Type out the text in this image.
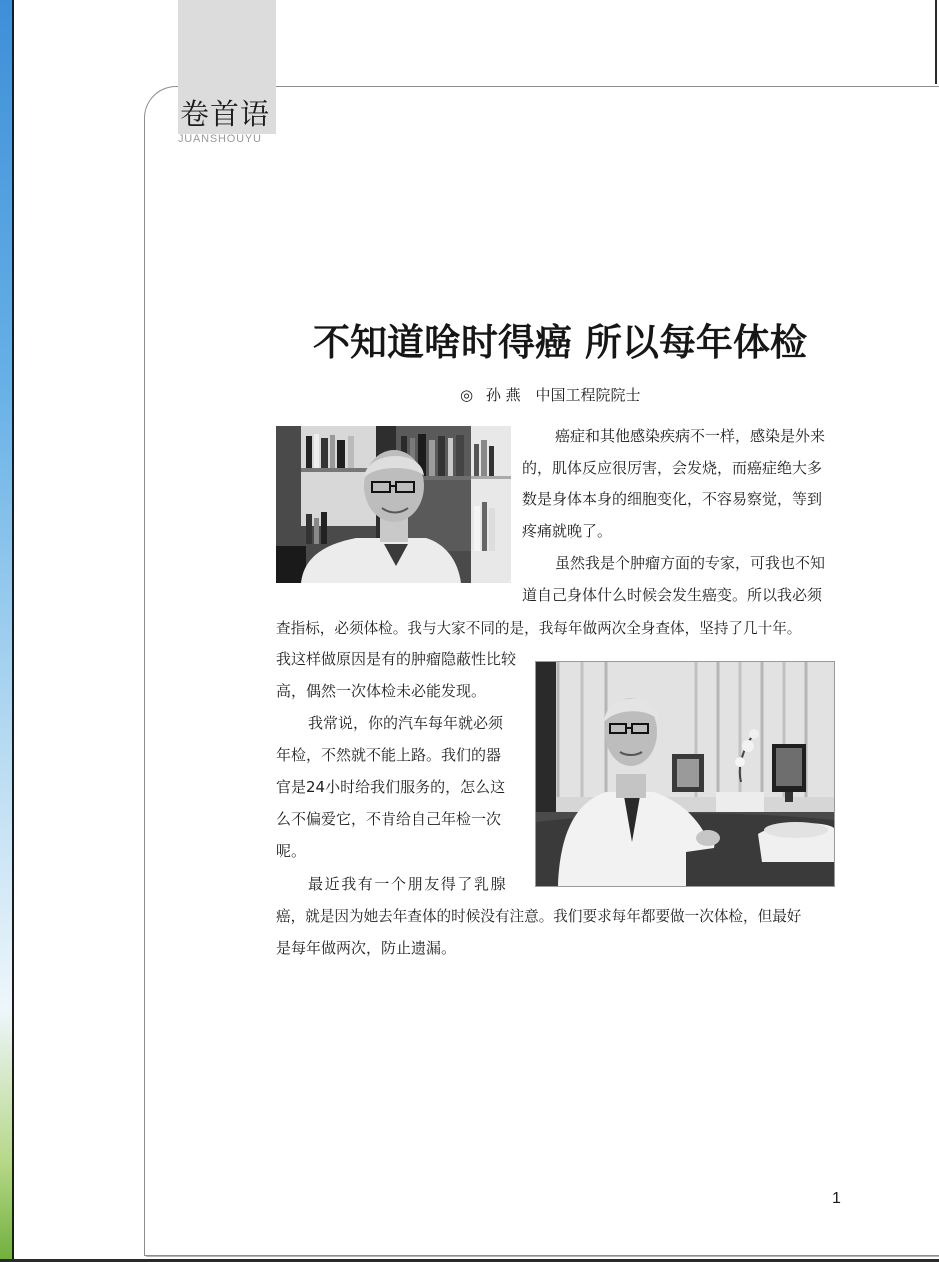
卷首语
JUANSHOUYU
不知道啥时得癌 所以每年体检
◎ 孙 燕 中国工程院院士
癌症和其他感染疾病不一样，感染是外来
的，肌体反应很厉害，会发烧，而癌症绝大多
数是身体本身的细胞变化，不容易察觉，等到
疼痛就晚了。
虽然我是个肿瘤方面的专家，可我也不知
道自己身体什么时候会发生癌变。所以我必须
查指标，必须体检。我与大家不同的是，我每年做两次全身查体，坚持了几十年。
我这样做原因是有的肿瘤隐蔽性比较
高，偶然一次体检未必能发现。
我常说，你的汽车每年就必须
年检，不然就不能上路。我们的器
官是24小时给我们服务的，怎么这
么不偏爱它，不肯给自己年检一次
呢。
最近我有一个朋友得了乳腺
癌，就是因为她去年查体的时候没有注意。我们要求每年都要做一次体检，但最好
是每年做两次，防止遗漏。
1
